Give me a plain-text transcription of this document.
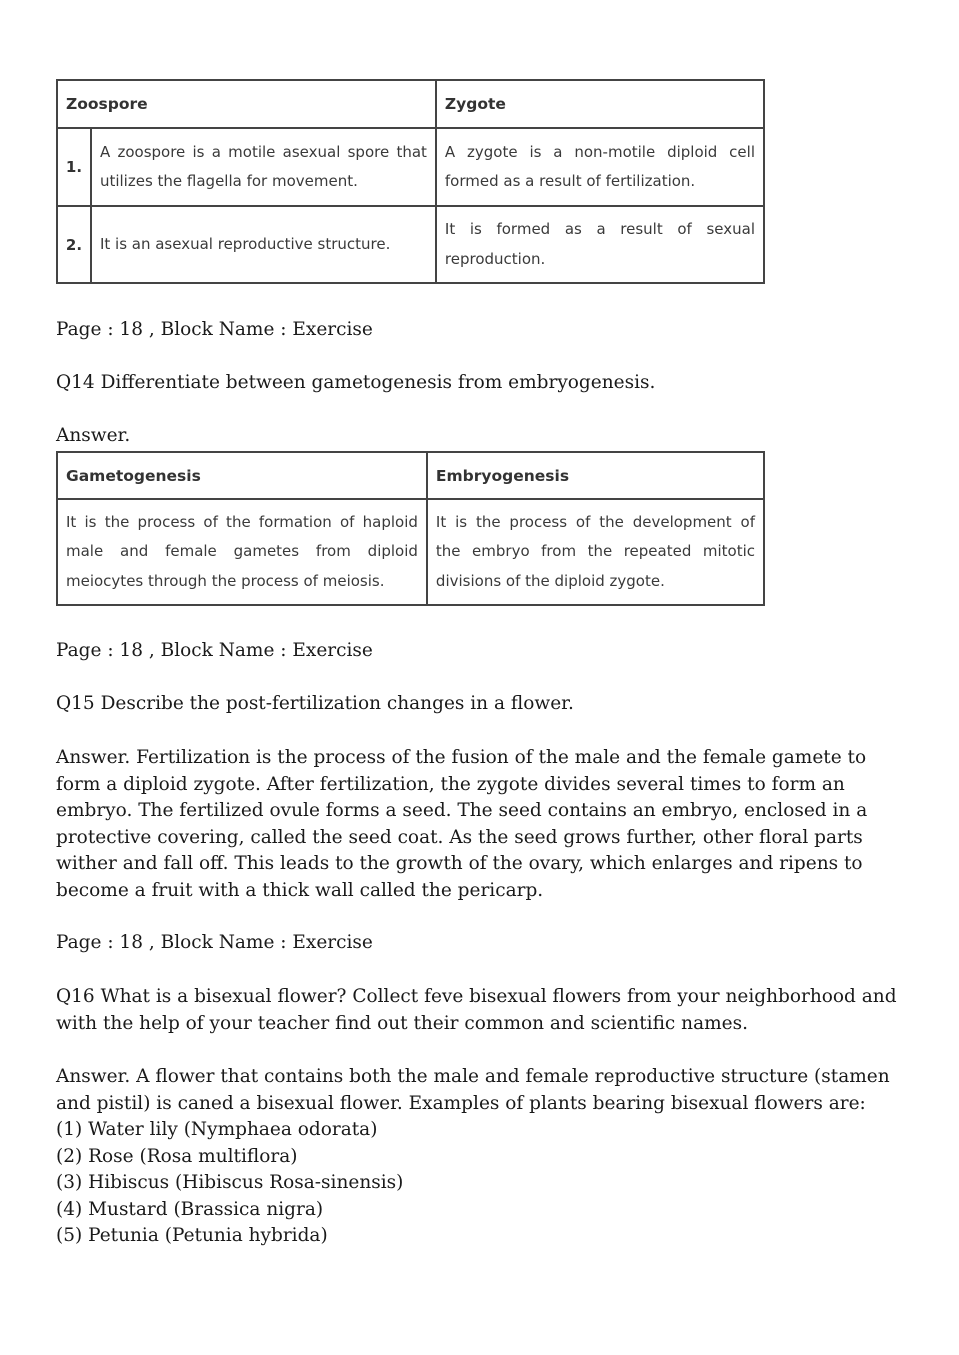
Zoospore		Zygote
1.	A zoospore is a motile asexual spore that utilizes the flagella for movement.	A zygote is a non-motile diploid cell formed as a result of fertilization.
2.	It is an asexual reproductive structure.	It is formed as a result of sexual reproduction.

Page : 18 , Block Name : Exercise

Q14 Differentiate between gametogenesis from embryogenesis.

Answer.

Gametogenesis	Embryogenesis
It is the process of the formation of haploid male and female gametes from diploid meiocytes through the process of meiosis.	It is the process of the development of the embryo from the repeated mitotic divisions of the diploid zygote.

Page : 18 , Block Name : Exercise

Q15 Describe the post-fertilization changes in a flower.

Answer. Fertilization is the process of the fusion of the male and the female gamete to form a diploid zygote. After fertilization, the zygote divides several times to form an embryo. The fertilized ovule forms a seed. The seed contains an embryo, enclosed in a protective covering, called the seed coat. As the seed grows further, other floral parts wither and fall off. This leads to the growth of the ovary, which enlarges and ripens to become a fruit with a thick wall called the pericarp.

Page : 18 , Block Name : Exercise

Q16 What is a bisexual flower? Collect feve bisexual flowers from your neighborhood and with the help of your teacher find out their common and scientific names.

Answer. A flower that contains both the male and female reproductive structure (stamen and pistil) is caned a bisexual flower. Examples of plants bearing bisexual flowers are:
(1) Water lily (Nymphaea odorata)
(2) Rose (Rosa multiflora)
(3) Hibiscus (Hibiscus Rosa-sinensis)
(4) Mustard (Brassica nigra)
(5) Petunia (Petunia hybrida)
